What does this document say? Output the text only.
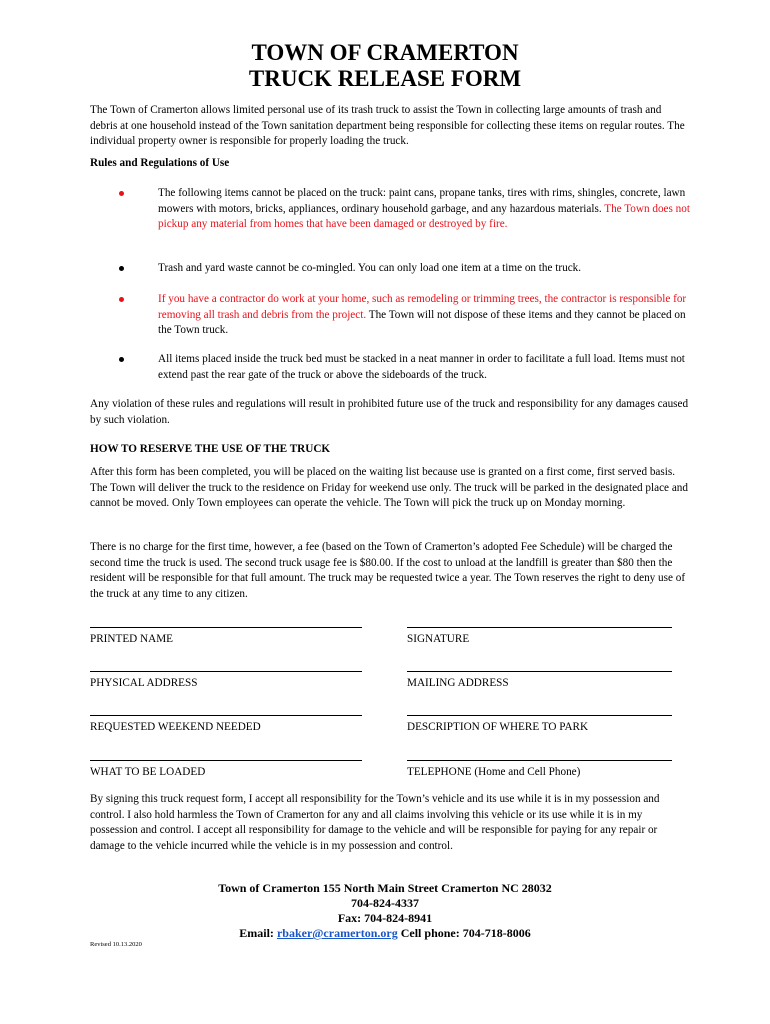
TOWN OF CRAMERTON
TRUCK RELEASE FORM
The Town of Cramerton allows limited personal use of its trash truck to assist the Town in collecting large amounts of trash and debris at one household instead of the Town sanitation department being responsible for collecting these items on regular routes. The individual property owner is responsible for properly loading the truck.
Rules and Regulations of Use
The following items cannot be placed on the truck: paint cans, propane tanks, tires with rims, shingles, concrete, lawn mowers with motors, bricks, appliances, ordinary household garbage, and any hazardous materials. The Town does not pickup any material from homes that have been damaged or destroyed by fire.
Trash and yard waste cannot be co-mingled. You can only load one item at a time on the truck.
If you have a contractor do work at your home, such as remodeling or trimming trees, the contractor is responsible for removing all trash and debris from the project. The Town will not dispose of these items and they cannot be placed on the Town truck.
All items placed inside the truck bed must be stacked in a neat manner in order to facilitate a full load. Items must not extend past the rear gate of the truck or above the sideboards of the truck.
Any violation of these rules and regulations will result in prohibited future use of the truck and responsibility for any damages caused by such violation.
HOW TO RESERVE THE USE OF THE TRUCK
After this form has been completed, you will be placed on the waiting list because use is granted on a first come, first served basis. The Town will deliver the truck to the residence on Friday for weekend use only. The truck will be parked in the designated place and cannot be moved. Only Town employees can operate the vehicle. The Town will pick the truck up on Monday morning.
There is no charge for the first time, however, a fee (based on the Town of Cramerton’s adopted Fee Schedule) will be charged the second time the truck is used. The second truck usage fee is $80.00. If the cost to unload at the landfill is greater than $80 then the resident will be responsible for that full amount. The truck may be requested twice a year. The Town reserves the right to deny use of the truck at any time to any citizen.
PRINTED NAME	SIGNATURE
PHYSICAL ADDRESS	MAILING ADDRESS
REQUESTED WEEKEND NEEDED	DESCRIPTION OF WHERE TO PARK
WHAT TO BE LOADED	TELEPHONE (Home and Cell Phone)
By signing this truck request form, I accept all responsibility for the Town’s vehicle and its use while it is in my possession and control. I also hold harmless the Town of Cramerton for any and all claims involving this vehicle or its use while it is in my possession and control. I accept all responsibility for damage to the vehicle and will be responsible for paying for any repair or damage to the vehicle incurred while the vehicle is in my possession and control.
Town of Cramerton 155 North Main Street Cramerton NC 28032
704-824-4337
Fax: 704-824-8941
Email: rbaker@cramerton.org Cell phone: 704-718-8006
Revised 10.13.2020
